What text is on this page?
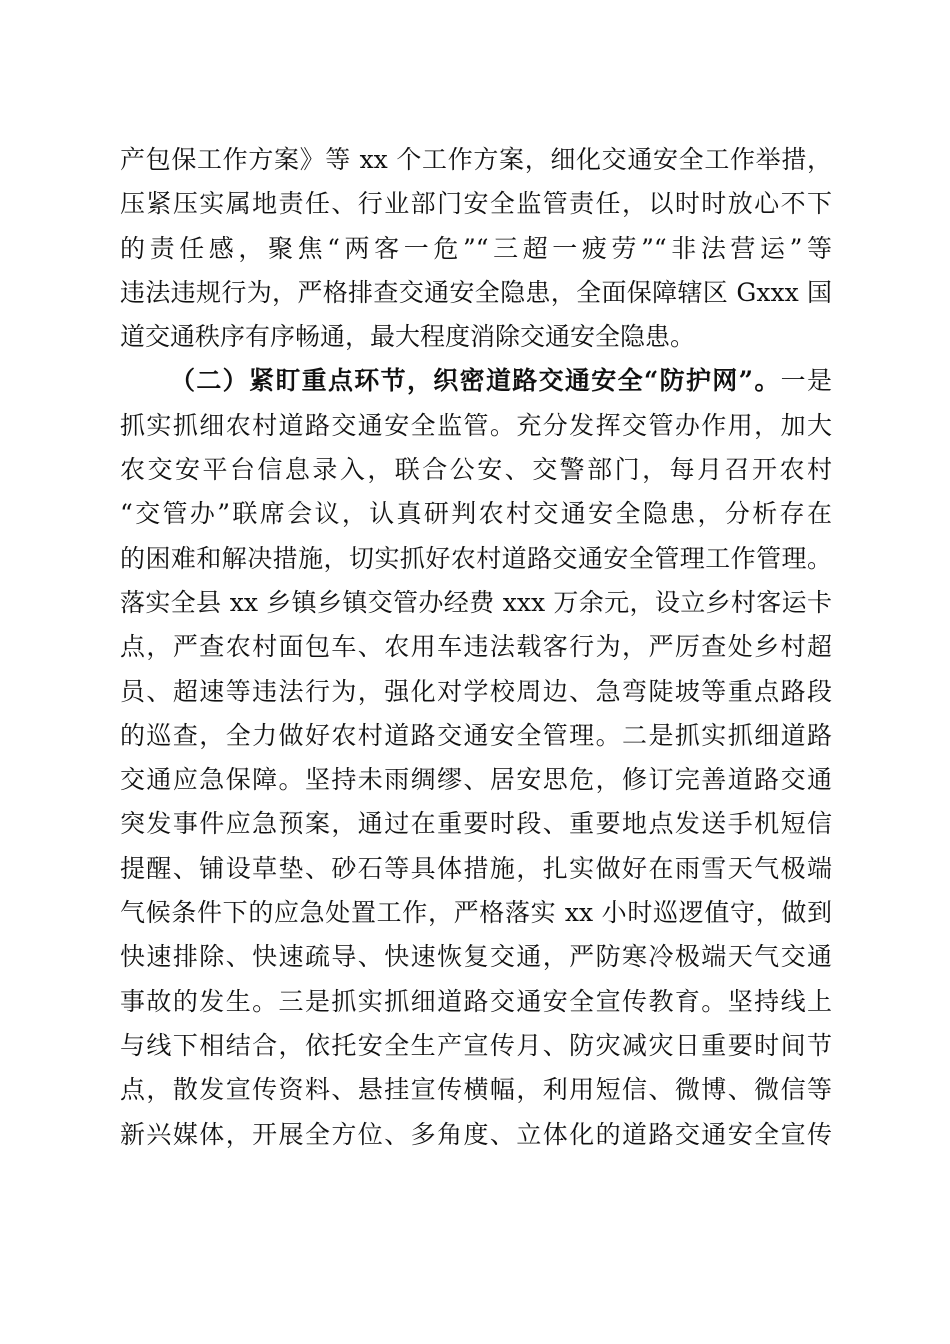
产包保工作方案》等 xx 个工作方案，细化交通安全工作举措，
压紧压实属地责任、行业部门安全监管责任，以时时放心不下
的责任感，聚焦“两客一危”“三超一疲劳”“非法营运”等
违法违规行为，严格排查交通安全隐患，全面保障辖区 Gxxx 国
道交通秩序有序畅通，最大程度消除交通安全隐患。
（二）紧盯重点环节，织密道路交通安全“防护网”。一是
抓实抓细农村道路交通安全监管。充分发挥交管办作用，加大
农交安平台信息录入，联合公安、交警部门，每月召开农村
“交管办”联席会议，认真研判农村交通安全隐患，分析存在
的困难和解决措施，切实抓好农村道路交通安全管理工作管理。
落实全县 xx 乡镇乡镇交管办经费 xxx 万余元，设立乡村客运卡
点，严查农村面包车、农用车违法载客行为，严厉查处乡村超
员、超速等违法行为，强化对学校周边、急弯陡坡等重点路段
的巡查，全力做好农村道路交通安全管理。二是抓实抓细道路
交通应急保障。坚持未雨绸缪、居安思危，修订完善道路交通
突发事件应急预案，通过在重要时段、重要地点发送手机短信
提醒、铺设草垫、砂石等具体措施，扎实做好在雨雪天气极端
气候条件下的应急处置工作，严格落实 xx 小时巡逻值守，做到
快速排除、快速疏导、快速恢复交通，严防寒冷极端天气交通
事故的发生。三是抓实抓细道路交通安全宣传教育。坚持线上
与线下相结合，依托安全生产宣传月、防灾减灾日重要时间节
点，散发宣传资料、悬挂宣传横幅，利用短信、微博、微信等
新兴媒体，开展全方位、多角度、立体化的道路交通安全宣传
